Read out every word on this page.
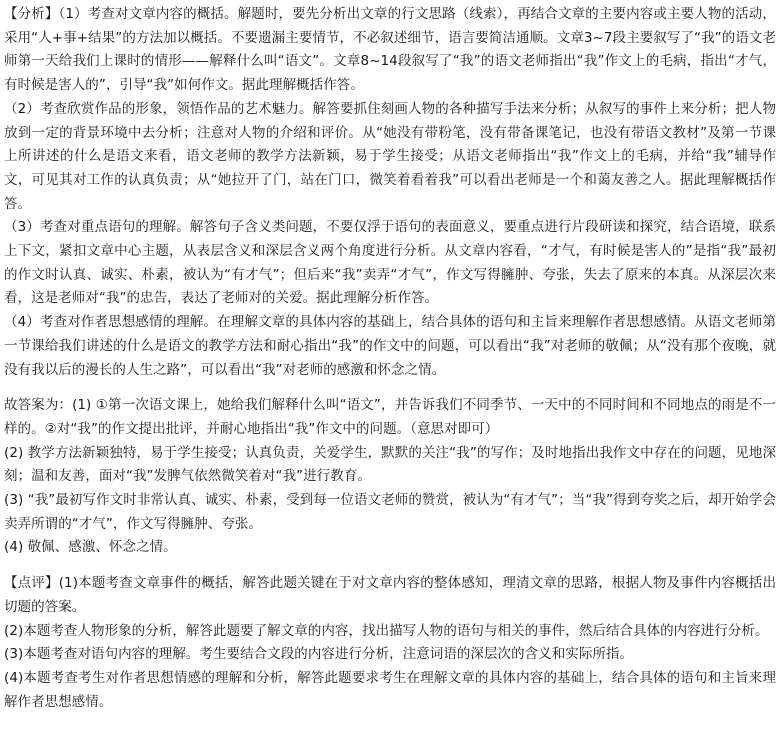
【分析】（1）考查对文章内容的概括。解题时，要先分析出文章的行文思路（线索），再结合文章的主要内容或主要人物的活动，采用“人+事+结果”的方法加以概括。不要遗漏主要情节，不必叙述细节，语言要简洁通顺。文章3~7段主要叙写了“我”的语文老师第一天给我们上课时的情形——解释什么叫“语文”。文章8~14段叙写了“我”的语文老师指出“我”作文上的毛病，指出“才气，有时候是害人的”，引导“我”如何作文。据此理解概括作答。

（2）考查欣赏作品的形象，领悟作品的艺术魅力。解答要抓住刻画人物的各种描写手法来分析；从叙写的事件上来分析；把人物放到一定的背景环境中去分析；注意对人物的介绍和评价。从“她没有带粉笔，没有带备课笔记，也没有带语文教材”及第一节课上所讲述的什么是语文来看，语文老师的教学方法新颖，易于学生接受；从语文老师指出“我”作文上的毛病，并给“我”辅导作文，可见其对工作的认真负责；从“她拉开了门，站在门口，微笑着看着我”可以看出老师是一个和蔼友善之人。据此理解概括作答。

（3）考查对重点语句的理解。解答句子含义类问题，不要仅浮于语句的表面意义，要重点进行片段研读和探究，结合语境，联系上下文，紧扣文章中心主题，从表层含义和深层含义两个角度进行分析。从文章内容看，“才气，有时候是害人的”是指“我”最初的作文时认真、诚实、朴素，被认为“有才气”；但后来“我”卖弄“才气”，作文写得臃肿、夸张，失去了原来的本真。从深层次来看，这是老师对“我”的忠告，表达了老师对的关爱。据此理解分析作答。

（4）考查对作者思想感情的理解。在理解文章的具体内容的基础上，结合具体的语句和主旨来理解作者思想感情。从语文老师第一节课给我们讲述的什么是语文的教学方法和耐心指出“我”的作文中的问题，可以看出“我”对老师的敬佩；从“没有那个夜晚，就没有我以后的漫长的人生之路”，可以看出“我”对老师的感激和怀念之情。

故答案为：(1) ①第一次语文课上，她给我们解释什么叫“语文”，并告诉我们不同季节、一天中的不同时间和不同地点的雨是不一样的。②对“我”的作文提出批评，并耐心地指出“我”作文中的问题。（意思对即可）

(2) 教学方法新颖独特，易于学生接受；认真负责，关爱学生，默默的关注“我”的写作；及时地指出我作文中存在的问题，见地深刻；温和友善，面对“我”发脾气依然微笑着对“我”进行教育。

(3) “我”最初写作文时非常认真、诚实、朴素，受到每一位语文老师的赞赏，被认为“有才气”；当“我”得到夸奖之后，却开始学会卖弄所谓的“才气”，作文写得臃肿、夸张。

(4) 敬佩、感激、怀念之情。

【点评】(1)本题考查文章事件的概括，解答此题关键在于对文章内容的整体感知，理清文章的思路，根据人物及事件内容概括出切题的答案。

(2)本题考查人物形象的分析，解答此题要了解文章的内容，找出描写人物的语句与相关的事件，然后结合具体的内容进行分析。

(3)本题考查对语句内容的理解。考生要结合文段的内容进行分析，注意词语的深层次的含义和实际所指。

(4)本题考查考生对作者思想情感的理解和分析，解答此题要求考生在理解文章的具体内容的基础上，结合具体的语句和主旨来理解作者思想感情。
